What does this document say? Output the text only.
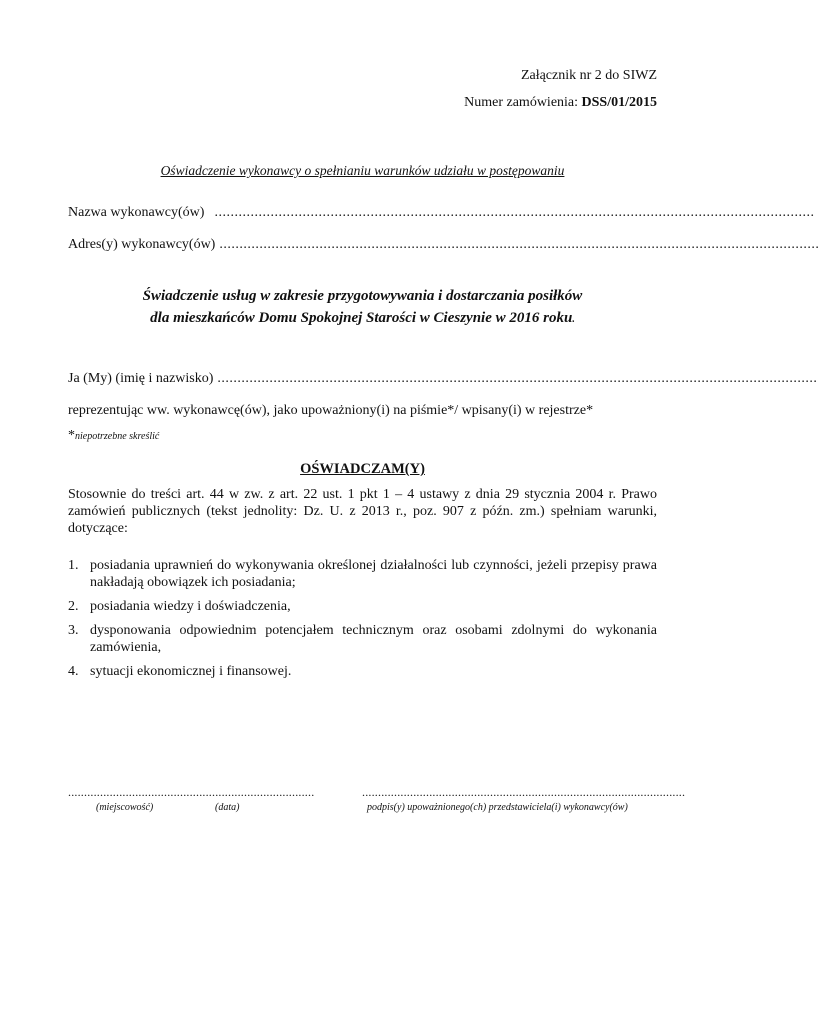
Załącznik nr 2 do SIWZ
Numer zamówienia: DSS/01/2015
Oświadczenie wykonawcy o spełnianiu warunków udziału w postępowaniu
Nazwa wykonawcy(ów) ......................................................................................................................................................
Adres(y) wykonawcy(ów) ......................................................................................................................................................
Świadczenie usług w zakresie przygotowywania i dostarczania posiłków
dla mieszkańców Domu Spokojnej Starości w Cieszynie w 2016 roku.
Ja (My) (imię i nazwisko) ......................................................................................................................................................
reprezentując ww. wykonawcę(ów), jako upoważniony(i) na piśmie*/ wpisany(i) w rejestrze*
*niepotrzebne skreślić
OŚWIADCZAM(Y)
Stosownie do treści art. 44 w zw. z art. 22 ust. 1 pkt 1 – 4 ustawy z dnia 29 stycznia 2004 r. Prawo zamówień publicznych (tekst jednolity: Dz. U. z 2013 r., poz. 907 z późn. zm.) spełniam warunki, dotyczące:
1. posiadania uprawnień do wykonywania określonej działalności lub czynności, jeżeli przepisy prawa nakładają obowiązek ich posiadania;
2. posiadania wiedzy i doświadczenia,
3. dysponowania odpowiednim potencjałem technicznym oraz osobami zdolnymi do wykonania zamówienia,
4. sytuacji ekonomicznej i finansowej.
.............................................................................	.....................................................................................................
(miejscowość)	(data)	podpis(y) upoważnionego(ch) przedstawiciela(i) wykonawcy(ów)
